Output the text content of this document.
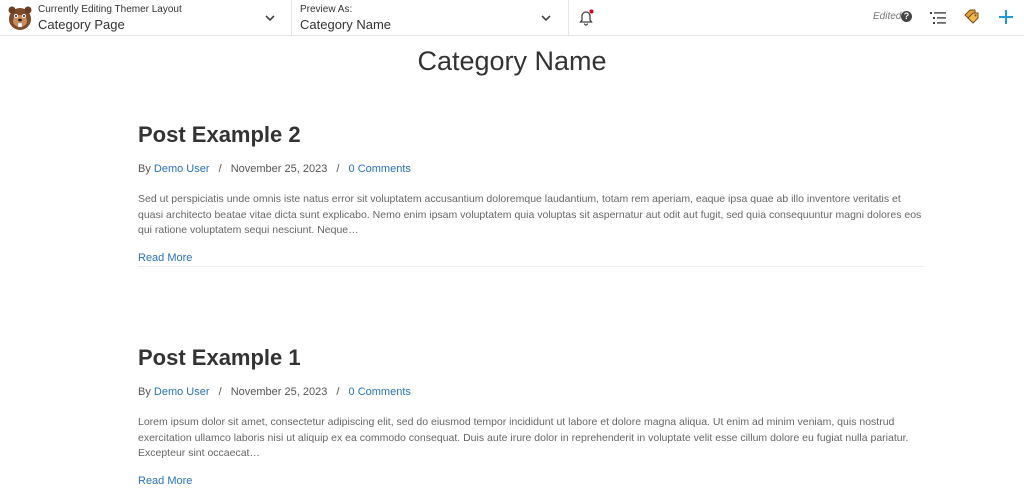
Currently Editing Themer Layout
Category Page
Preview As:
Category Name
Edited ?
Category Name
Post Example 2
By Demo User / November 25, 2023 / 0 Comments
Sed ut perspiciatis unde omnis iste natus error sit voluptatem accusantium doloremque laudantium, totam rem aperiam, eaque ipsa quae ab illo inventore veritatis et quasi architecto beatae vitae dicta sunt explicabo. Nemo enim ipsam voluptatem quia voluptas sit aspernatur aut odit aut fugit, sed quia consequuntur magni dolores eos qui ratione voluptatem sequi nesciunt. Neque…
Read More
Post Example 1
By Demo User / November 25, 2023 / 0 Comments
Lorem ipsum dolor sit amet, consectetur adipiscing elit, sed do eiusmod tempor incididunt ut labore et dolore magna aliqua. Ut enim ad minim veniam, quis nostrud exercitation ullamco laboris nisi ut aliquip ex ea commodo consequat. Duis aute irure dolor in reprehenderit in voluptate velit esse cillum dolore eu fugiat nulla pariatur. Excepteur sint occaecat…
Read More
